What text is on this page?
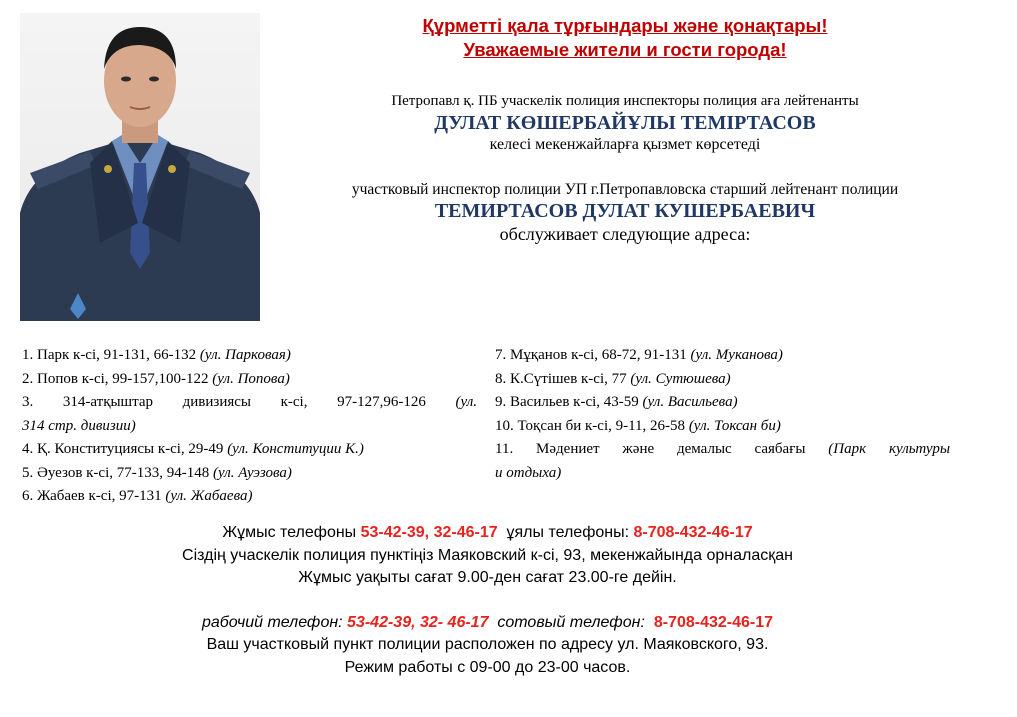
Құрметті қала тұрғындары және қонақтары!
Уважаемые жители и гости города!
Петропавл қ. ПБ учаскелік полиция инспекторы полиция аға лейтенанты
ДУЛАТ КӨШЕРБАЙҰЛЫ ТЕМІРТАСОВ
келесі мекенжайларға қызмет көрсетеді
участковый инспектор полиции УП г.Петропавловска старший лейтенант полиции
ТЕМИРТАСОВ ДУЛАТ КУШЕРБАЕВИЧ
обслуживает следующие адреса:
1. Парк к-сі, 91-131, 66-132 (ул. Парковая)
2. Попов к-сі, 99-157,100-122 (ул. Попова)
3. 314-атқыштар дивизиясы к-сі, 97-127,96-126 (ул.
314 стр. дивизии)
4. Қ. Конституциясы к-сі, 29-49 (ул. Конституции К.)
5. Әуезов к-сі, 77-133, 94-148 (ул. Ауэзова)
6. Жабаев к-сі, 97-131 (ул. Жабаева)
7. Мұқанов к-сі, 68-72, 91-131 (ул. Муканова)
8. К.Сүтішев к-сі, 77 (ул. Сутюшева)
9. Васильев к-сі, 43-59 (ул. Васильева)
10. Тоқсан би к-сі, 9-11, 26-58 (ул. Токсан би)
11. Мәдениет және демалыс саябағы (Парк культуры
и отдыха)
Жұмыс телефоны 53-42-39, 32-46-17  ұялы телефоны: 8-708-432-46-17
Сіздің учаскелік полиция пунктіңіз Маяковский к-сі, 93, мекенжайында орналасқан
Жұмыс уақыты сағат 9.00-ден сағат 23.00-ге дейін.
рабочий телефон: 53-42-39, 32- 46-17  сотовый телефон:  8-708-432-46-17
Ваш участковый пункт полиции расположен по адресу ул. Маяковского, 93.
Режим работы с 09-00 до 23-00 часов.
